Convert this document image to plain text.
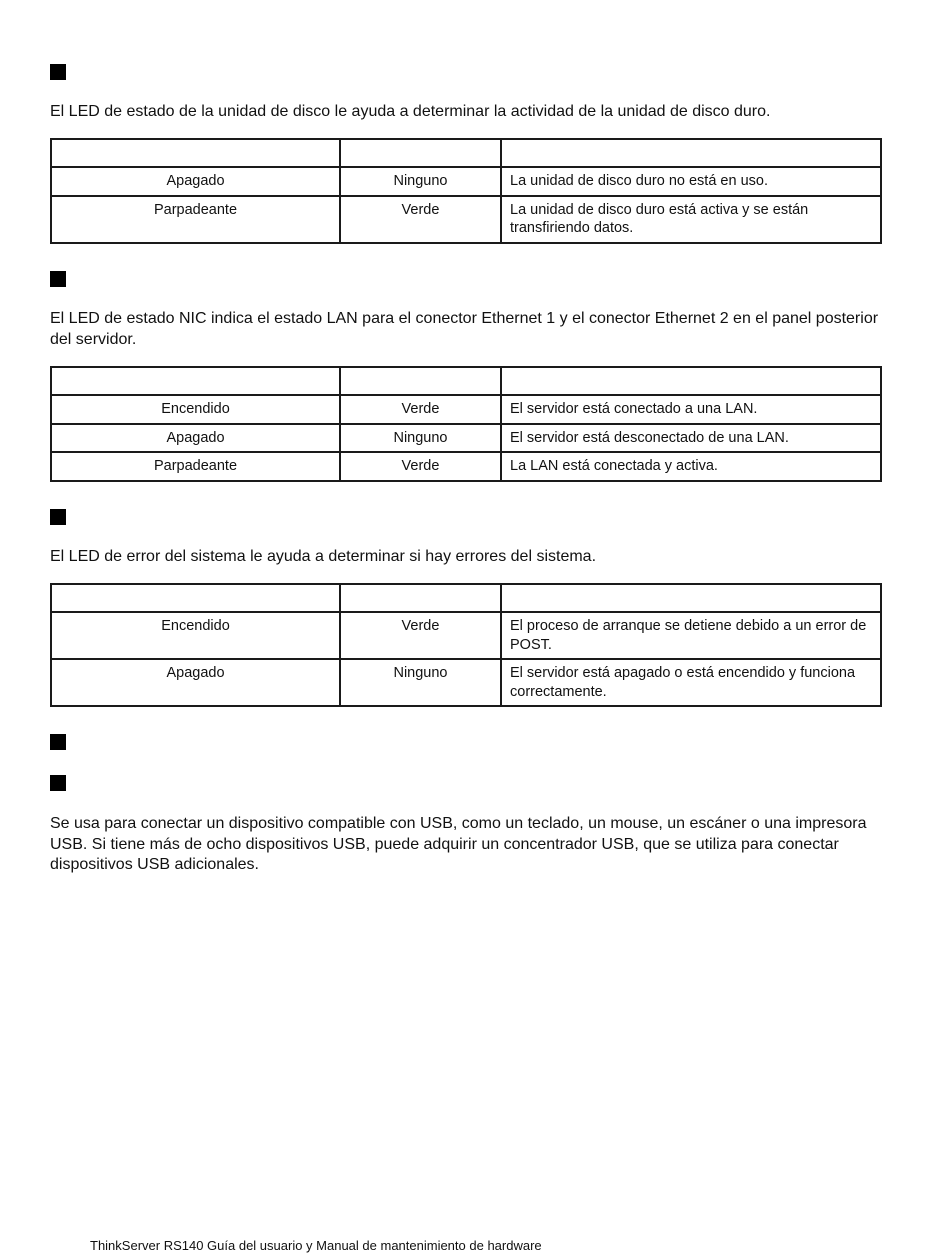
El LED de estado de la unidad de disco le ayuda a determinar la actividad de la unidad de disco duro.

Apagado	Ninguno	La unidad de disco duro no está en uso.
Parpadeante	Verde	La unidad de disco duro está activa y se están transfiriendo datos.

El LED de estado NIC indica el estado LAN para el conector Ethernet 1 y el conector Ethernet 2 en el panel posterior del servidor.

Encendido	Verde	El servidor está conectado a una LAN.
Apagado	Ninguno	El servidor está desconectado de una LAN.
Parpadeante	Verde	La LAN está conectada y activa.

El LED de error del sistema le ayuda a determinar si hay errores del sistema.

Encendido	Verde	El proceso de arranque se detiene debido a un error de POST.
Apagado	Ninguno	El servidor está apagado o está encendido y funciona correctamente.

Se usa para conectar un dispositivo compatible con USB, como un teclado, un mouse, un escáner o una impresora USB. Si tiene más de ocho dispositivos USB, puede adquirir un concentrador USB, que se utiliza para conectar dispositivos USB adicionales.

ThinkServer RS140 Guía del usuario y Manual de mantenimiento de hardware
